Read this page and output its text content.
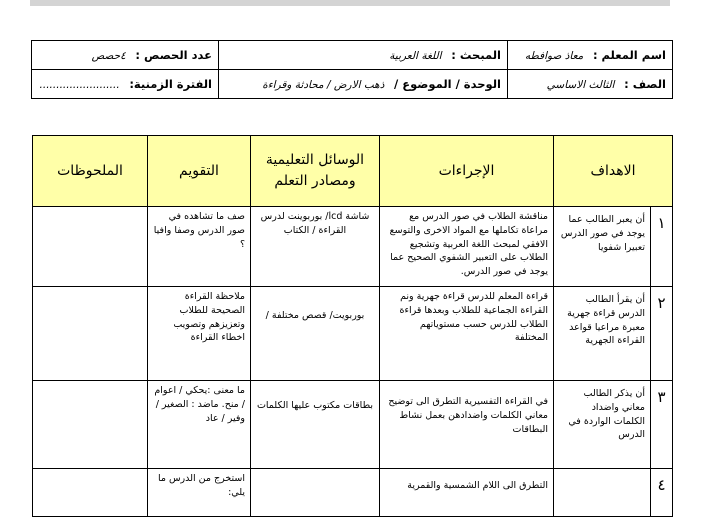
اسم المعلم : معاذ صوافطه	المبحث : اللغة العربية	عدد الحصص : ٤حصص
الصف : الثالث الاساسي	الوحدة / الموضوع / ذهب الارض / محادثة وقراءة	الفترة الزمنية: ........................
الاهداف		الإجراءات	الوسائل التعليمية ومصادر التعلم	التقويم	الملحوظات
١	أن يعبر الطالب عما يوجد في صور الدرس تعبيرا شفويا	مناقشة الطلاب في صور الدرس مع مراعاة تكاملها مع المواد الاخرى والتوسع الافقي لمبحث اللغة العربية وتشجيع الطلاب على التعبير الشفوي الصحيح عما يوجد في صور الدرس.	شاشة lcd/ بوربوينت لدرس القراءة / الكتاب	صف ما تشاهده في صور الدرس وصفا وافيا ؟	
٢	أن يقرأ الطالب الدرس قراءة جهرية معبرة مراعيا قواعد القراءة الجهرية	قراءة المعلم للدرس قراءة جهرية ونم القراءة الجماعية للطلاب وبعدها قراءة الطلاب للدرس حسب مستوياتهم المختلفة	بوربويت/ قصص مختلفة /	ملاحظة القراءة الصحيحة للطلاب وتعزيزهم وتصويب اخطاء القراءة	
٣	أن يذكر الطالب معاني واضداد الكلمات الواردة في الدرس	في القراءة التفسيرية التطرق الى توضيح معاني الكلمات واضدادهن بعمل نشاط البطاقات	بطاقات مكتوب عليها الكلمات	ما معنى :يحكي / اعوام / منح. ماضد : الصغير / وفير / عاد	
٤		التطرق الى اللام الشمسية والقمرية		استخرج من الدرس ما يلي:	
